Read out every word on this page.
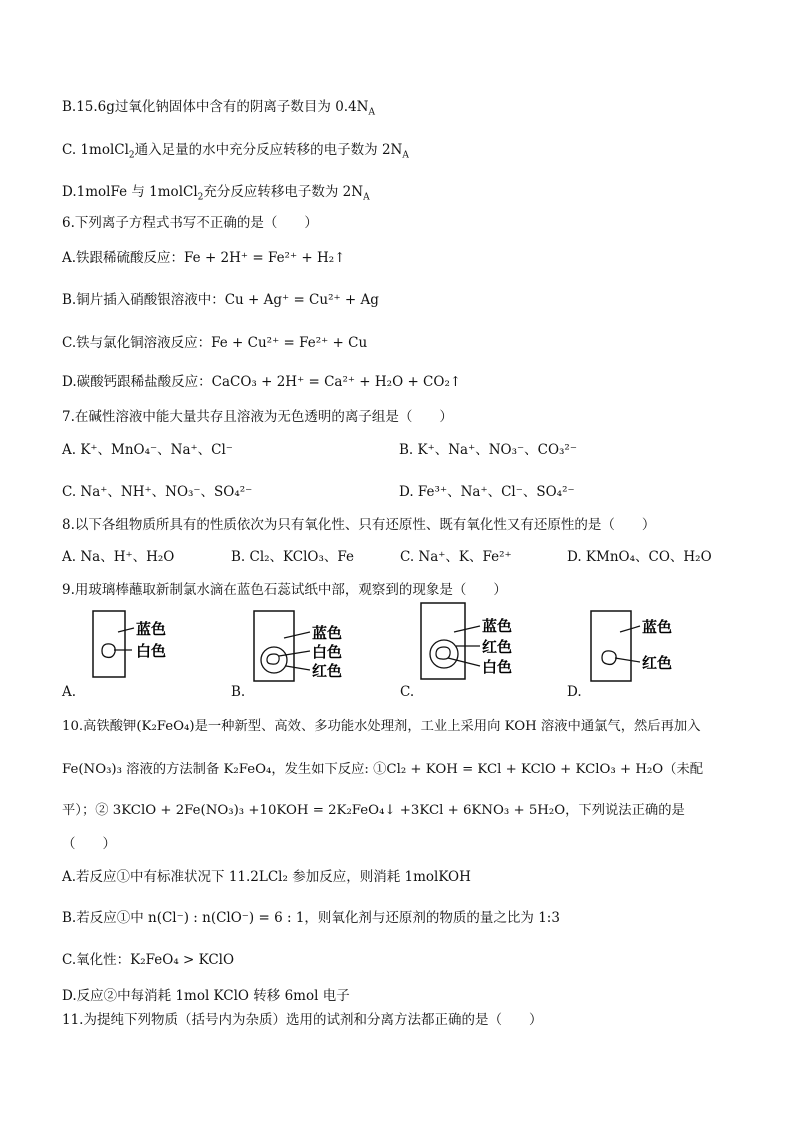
B.15.6g过氧化钠固体中含有的阴离子数目为 $0.4N_A$
C. 1molCl$_2$通入足量的水中充分反应转移的电子数为 $2N_A$
D.1molFe 与 1molCl$_2$充分反应转移电子数为 $2N_A$
6.下列离子方程式书写不正确的是（　　）
A.铁跟稀硫酸反应：Fe + 2H⁺ = Fe²⁺ + H₂↑
B.铜片插入硝酸银溶液中：Cu + Ag⁺ = Cu²⁺ + Ag
C.铁与氯化铜溶液反应：Fe + Cu²⁺ = Fe²⁺ + Cu
D.碳酸钙跟稀盐酸反应：CaCO₃ + 2H⁺ = Ca²⁺ + H₂O + CO₂↑
7.在碱性溶液中能大量共存且溶液为无色透明的离子组是（　　）
A. K⁺、MnO₄⁻、Na⁺、Cl⁻	B. K⁺、Na⁺、NO₃⁻、CO₃²⁻
C. Na⁺、NH⁺、NO₃⁻、SO₄²⁻	D. Fe³⁺、Na⁺、Cl⁻、SO₄²⁻
8.以下各组物质所具有的性质依次为只有氧化性、只有还原性、既有氧化性又有还原性的是（　　）
A. Na、H⁺、H₂O	B. Cl₂、KClO₃、Fe	C. Na⁺、K、Fe²⁺	D. KMnO₄、CO、H₂O
9.用玻璃棒蘸取新制氯水滴在蓝色石蕊试纸中部，观察到的现象是（　　）
蓝色
白色
A.
蓝色
白色
红色
B.
蓝色
红色
白色
C.
蓝色
红色
D.
10.高铁酸钾(K₂FeO₄)是一种新型、高效、多功能水处理剂，工业上采用向 KOH 溶液中通氯气，然后再加入
Fe(NO₃)₃ 溶液的方法制备 K₂FeO₄，发生如下反应: ①Cl₂ + KOH = KCl + KClO + KClO₃ + H₂O（未配
平）；② 3KClO + 2Fe(NO₃)₃ +10KOH = 2K₂FeO₄↓ +3KCl + 6KNO₃ + 5H₂O，下列说法正确的是
（　　）
A.若反应①中有标准状况下 11.2LCl₂ 参加反应，则消耗 1molKOH
B.若反应①中 n(Cl⁻) : n(ClO⁻) = 6 : 1，则氧化剂与还原剂的物质的量之比为 1:3
C.氧化性：K₂FeO₄ > KClO
D.反应②中每消耗 1mol KClO 转移 6mol 电子
11.为提纯下列物质（括号内为杂质）选用的试剂和分离方法都正确的是（　　）
